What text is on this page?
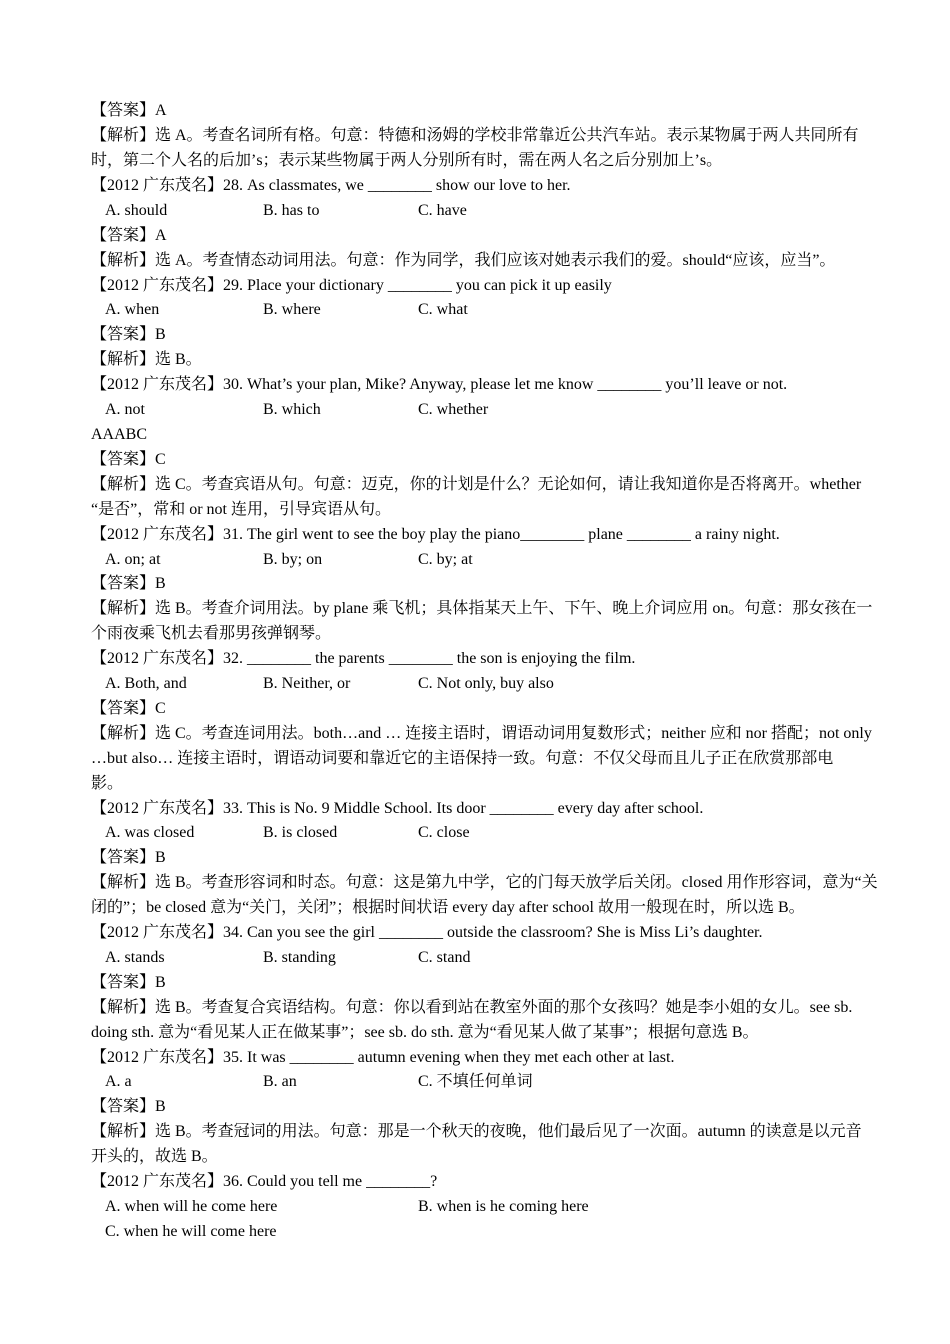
【答案】A

【解析】选 A。考查名词所有格。句意：特德和汤姆的学校非常靠近公共汽车站。表示某物属于两人共同所有

时，第二个人名的后加’s；表示某些物属于两人分别所有时，需在两人名之后分别加上’s。

【2012 广东茂名】28. As classmates, we ________ show our love to her.

A. should	B. has to	C. have

【答案】A

【解析】选 A。考查情态动词用法。句意：作为同学，我们应该对她表示我们的爱。should“应该，应当”。

【2012 广东茂名】29. Place your dictionary ________ you can pick it up easily

A. when	B. where	C. what

【答案】B

【解析】选 B。

【2012 广东茂名】30. What’s your plan, Mike? Anyway, please let me know ________ you’ll leave or not.

A. not	B. which	C. whether

AAABC

【答案】C

【解析】选 C。考查宾语从句。句意：迈克，你的计划是什么？无论如何，请让我知道你是否将离开。whether

“是否”，常和 or not 连用，引导宾语从句。

【2012 广东茂名】31. The girl went to see the boy play the piano________ plane ________ a rainy night.

A. on; at	B. by; on	C. by; at

【答案】B

【解析】选 B。考查介词用法。by plane 乘飞机；具体指某天上午、下午、晚上介词应用 on。句意：那女孩在一

个雨夜乘飞机去看那男孩弹钢琴。

【2012 广东茂名】32. ________ the parents ________ the son is enjoying the film.

A. Both, and	B. Neither, or	C. Not only, buy also

【答案】C

【解析】选 C。考查连词用法。both…and … 连接主语时，谓语动词用复数形式；neither 应和 nor 搭配；not only

…but also… 连接主语时，谓语动词要和靠近它的主语保持一致。句意：不仅父母而且儿子正在欣赏那部电

影。

【2012 广东茂名】33. This is No. 9 Middle School. Its door ________ every day after school.

A. was closed	B. is closed	C. close

【答案】B

【解析】选 B。考查形容词和时态。句意：这是第九中学，它的门每天放学后关闭。closed 用作形容词，意为“关

闭的”；be closed 意为“关门，关闭”；根据时间状语 every day after school 故用一般现在时，所以选 B。

【2012 广东茂名】34. Can you see the girl ________ outside the classroom? She is Miss Li’s daughter.

A. stands	B. standing	C. stand

【答案】B

【解析】选 B。考查复合宾语结构。句意：你以看到站在教室外面的那个女孩吗？她是李小姐的女儿。see sb.

doing sth. 意为“看见某人正在做某事”；see sb. do sth. 意为“看见某人做了某事”；根据句意选 B。

【2012 广东茂名】35. It was ________ autumn evening when they met each other at last.

A. a	B. an	C. 不填任何单词

【答案】B

【解析】选 B。考查冠词的用法。句意：那是一个秋天的夜晚，他们最后见了一次面。autumn 的读意是以元音

开头的，故选 B。

【2012 广东茂名】36. Could you tell me ________?

A. when will he come here	B. when is he coming here
C. when he will come here
